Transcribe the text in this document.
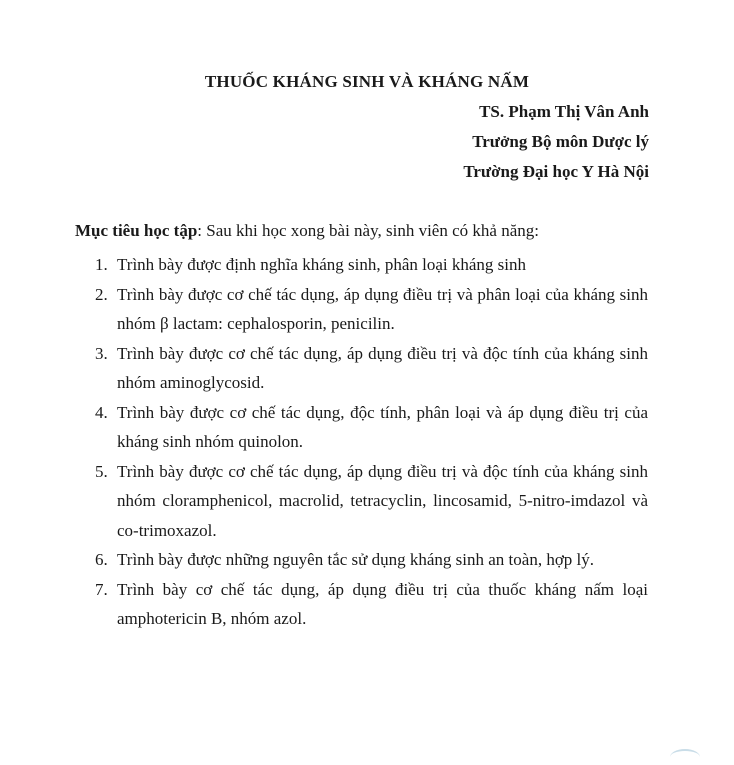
THUỐC KHÁNG SINH VÀ KHÁNG NẤM
TS. Phạm Thị Vân Anh
Trưởng Bộ môn Dược lý
Trường Đại học Y Hà Nội
Mục tiêu học tập: Sau khi học xong bài này, sinh viên có khả năng:
1. Trình bày được định nghĩa kháng sinh, phân loại kháng sinh
2. Trình bày được cơ chế tác dụng, áp dụng điều trị và phân loại của kháng sinh nhóm β lactam: cephalosporin, penicilin.
3. Trình bày được cơ chế tác dụng, áp dụng điều trị và độc tính của kháng sinh nhóm aminoglycosid.
4. Trình bày được cơ chế tác dụng, độc tính, phân loại và áp dụng điều trị của kháng sinh nhóm quinolon.
5. Trình bày được cơ chế tác dụng, áp dụng điều trị và độc tính của kháng sinh nhóm cloramphenicol, macrolid, tetracyclin, lincosamid, 5-nitro-imdazol và co-trimoxazol.
6. Trình bày được những nguyên tắc sử dụng kháng sinh an toàn, hợp lý.
7. Trình bày cơ chế tác dụng, áp dụng điều trị của thuốc kháng nấm loại amphotericin B, nhóm azol.
